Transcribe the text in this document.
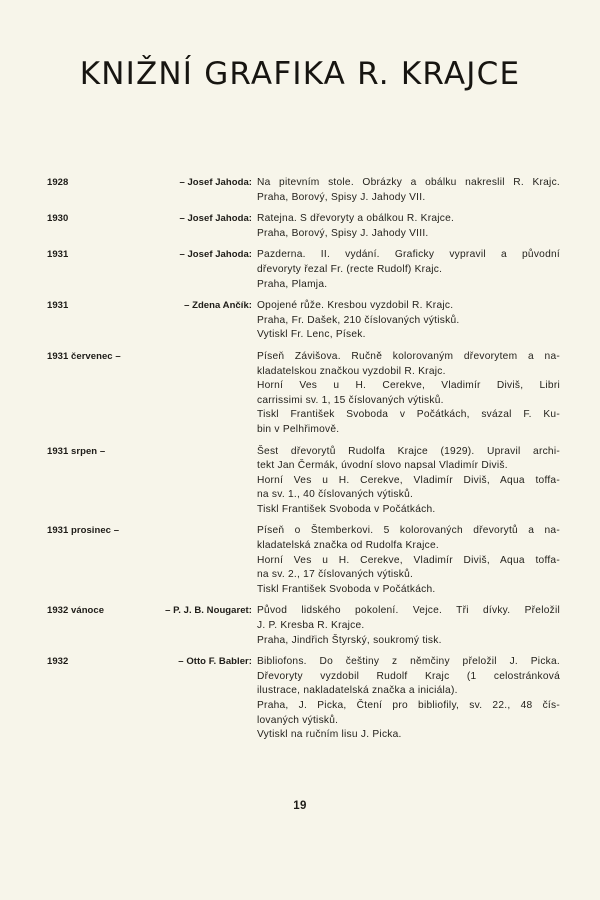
KNIŽNÍ GRAFIKA R. KRAJCE
1928	– Josef Jahoda: Na pitevním stole. Obrázky a obálku nakreslil R. Krajc.
Praha, Borový, Spisy J. Jahody VII.
1930	– Josef Jahoda: Ratejna. S dřevoryty a obálkou R. Krajce.
Praha, Borový, Spisy J. Jahody VIII.
1931	– Josef Jahoda: Pazderna. II. vydání. Graficky vypravil a původní
dřevoryty řezal Fr. (recte Rudolf) Krajc.
Praha, Plamja.
1931	– Zdena Ančík: Opojené růže. Kresbou vyzdobil R. Krajc.
Praha, Fr. Dašek, 210 číslovaných výtisků.
Vytiskl Fr. Lenc, Písek.
1931 červenec –	Píseň Závišova. Ručně kolorovaným dřevorytem a na-
kladatelskou značkou vyzdobil R. Krajc.
Horní Ves u H. Cerekve, Vladimír Diviš, Libri
carrissimi sv. 1, 15 číslovaných výtisků.
Tiskl František Svoboda v Počátkách, svázal F. Ku-
bin v Pelhřimově.
1931 srpen –	Šest dřevorytů Rudolfa Krajce (1929). Upravil archi-
tekt Jan Čermák, úvodní slovo napsal Vladimír Diviš.
Horní Ves u H. Cerekve, Vladimír Diviš, Aqua toffa-
na sv. 1., 40 číslovaných výtisků.
Tiskl František Svoboda v Počátkách.
1931 prosinec –	Píseň o Štemberkovi. 5 kolorovaných dřevorytů a na-
kladatelská značka od Rudolfa Krajce.
Horní Ves u H. Cerekve, Vladimír Diviš, Aqua toffa-
na sv. 2., 17 číslovaných výtisků.
Tiskl František Svoboda v Počátkách.
1932 vánoce	– P. J. B. Nougaret: Původ lidského pokolení. Vejce. Tři dívky. Přeložil
J. P. Kresba R. Krajce.
Praha, Jindřich Štyrský, soukromý tisk.
1932	– Otto F. Babler: Bibliofons. Do češtiny z němčiny přeložil J. Picka.
Dřevoryty vyzdobil Rudolf Krajc (1 celostránková
ilustrace, nakladatelská značka a iniciála).
Praha, J. Picka, Čtení pro bibliofily, sv. 22., 48 čís-
lovaných výtisků.
Vytiskl na ručním lisu J. Picka.
19
